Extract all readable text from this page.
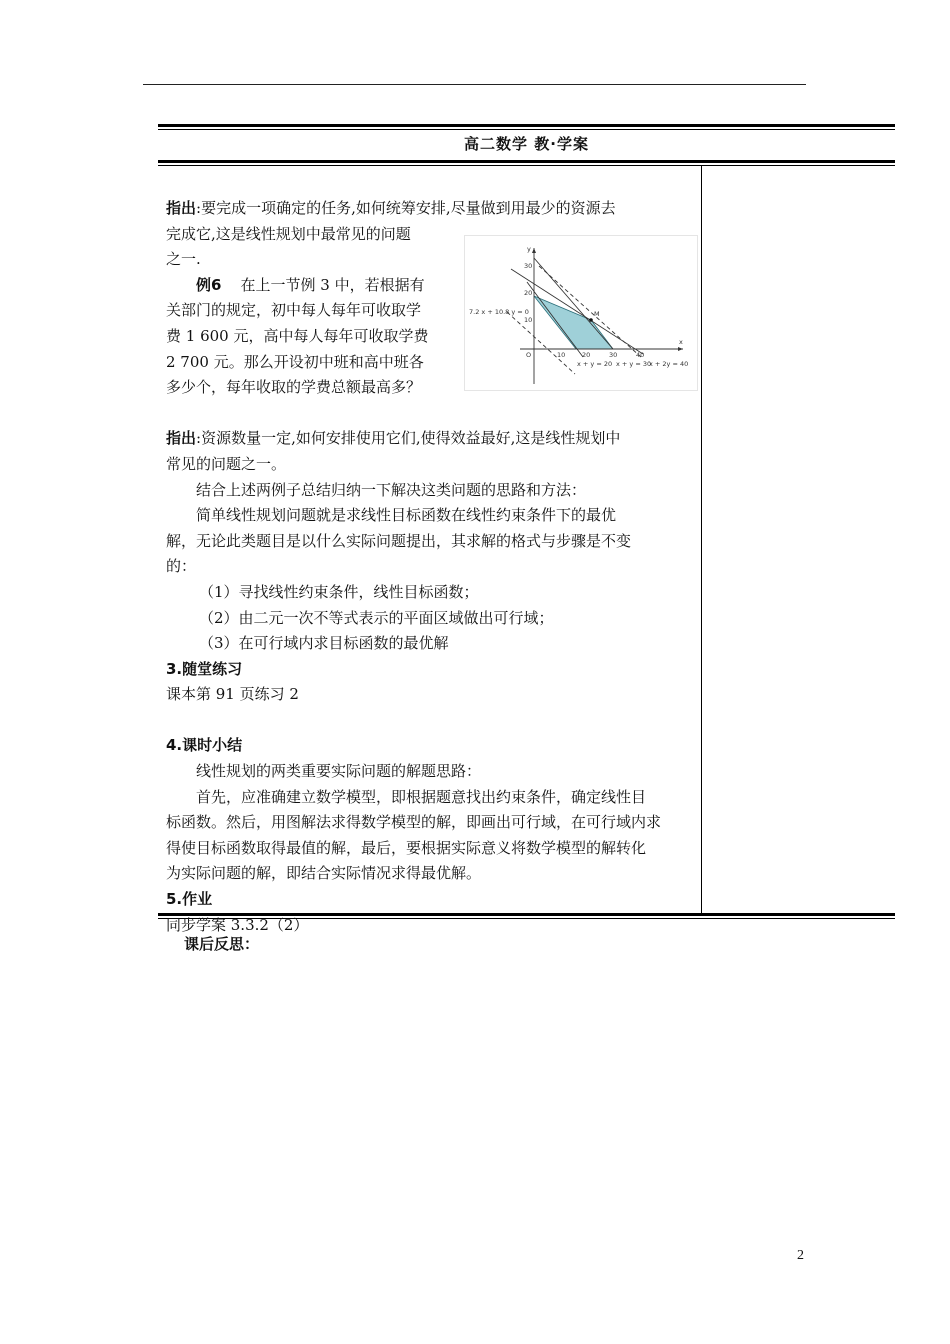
高二数学 教·学案

指出:要完成一项确定的任务,如何统筹安排,尽量做到用最少的资源去

完成它,这是线性规划中最常见的问题

之一.

例6 在上一节例 3 中，若根据有

关部门的规定，初中每人每年可收取学

费 1 600 元，高中每人每年可收取学费

2 700 元。那么开设初中班和高中班各

多少个，每年收取的学费总额最高多？

指出:资源数量一定,如何安排使用它们,使得效益最好,这是线性规划中

常见的问题之一。

结合上述两例子总结归纳一下解决这类问题的思路和方法：

简单线性规划问题就是求线性目标函数在线性约束条件下的最优

解，无论此类题目是以什么实际问题提出，其求解的格式与步骤是不变

的：

（1）寻找线性约束条件，线性目标函数；

（2）由二元一次不等式表示的平面区域做出可行域；

（3）在可行域内求目标函数的最优解

3.随堂练习

课本第 91 页练习 2

4.课时小结

线性规划的两类重要实际问题的解题思路：

首先，应准确建立数学模型，即根据题意找出约束条件，确定线性目

标函数。然后，用图解法求得数学模型的解，即画出可行域，在可行域内求

得使目标函数取得最值的解，最后，要根据实际意义将数学模型的解转化

为实际问题的解，即结合实际情况求得最优解。

5.作业

同步学案 3.3.2（2）

M
y
x
O
30
20
10
10	20	30	40
7.2 x + 10.8 y = 0
x + y = 20 x + y = 30
x + 2y = 40
课后反思：
2
